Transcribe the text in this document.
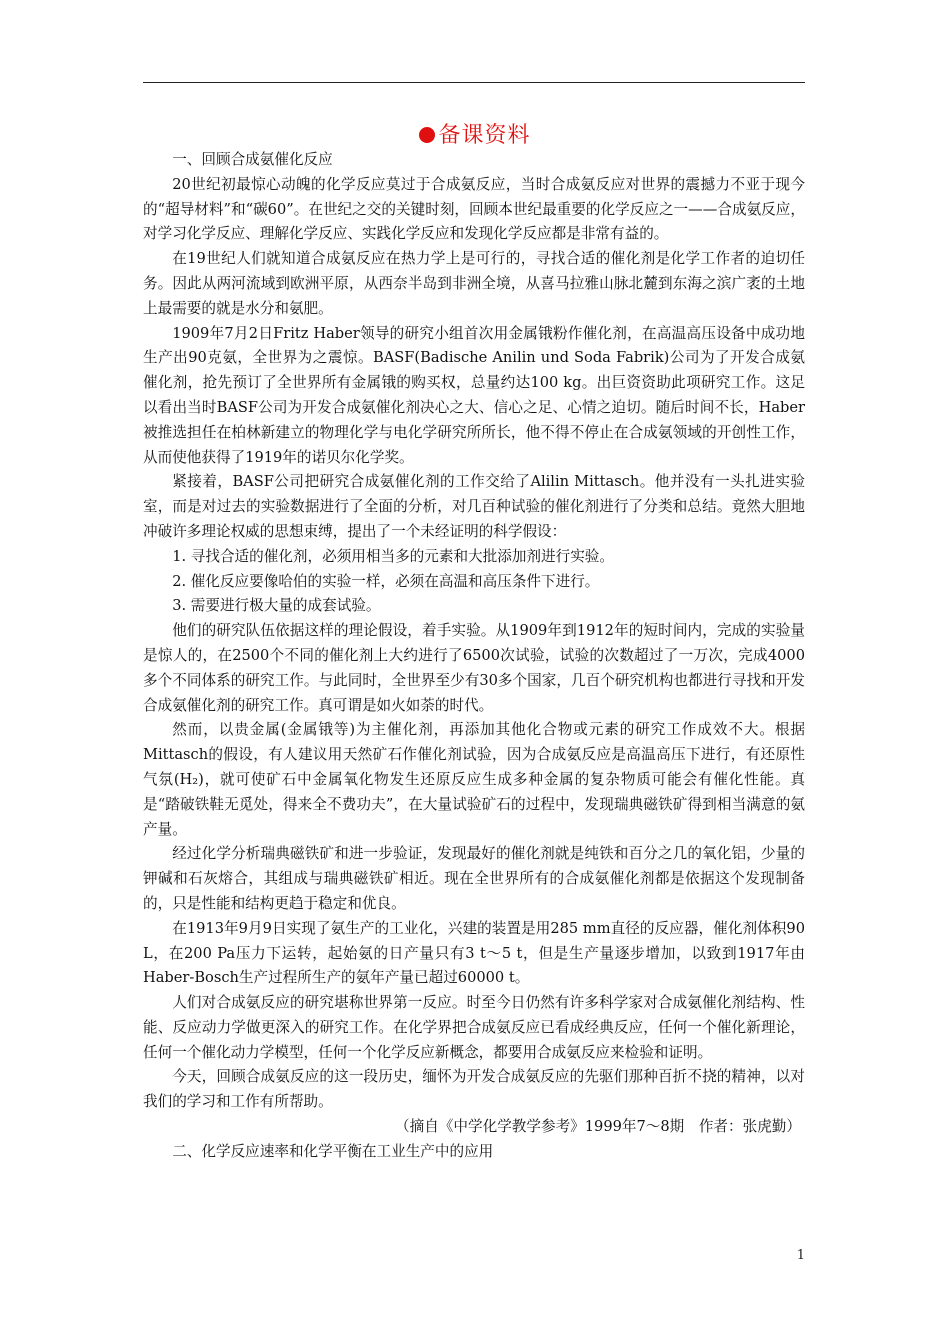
备课资料

一、回顾合成氨催化反应

20世纪初最惊心动魄的化学反应莫过于合成氨反应，当时合成氨反应对世界的震撼力不亚于现今的“超导材料”和“碳60”。在世纪之交的关键时刻，回顾本世纪最重要的化学反应之一——合成氨反应，对学习化学反应、理解化学反应、实践化学反应和发现化学反应都是非常有益的。

在19世纪人们就知道合成氨反应在热力学上是可行的，寻找合适的催化剂是化学工作者的迫切任务。因此从两河流域到欧洲平原，从西奈半岛到非洲全境，从喜马拉雅山脉北麓到东海之滨广袤的土地上最需要的就是水分和氨肥。

1909年7月2日Fritz Haber领导的研究小组首次用金属锇粉作催化剂，在高温高压设备中成功地生产出90克氨，全世界为之震惊。BASF(Badische Anilin und Soda Fabrik)公司为了开发合成氨催化剂，抢先预订了全世界所有金属锇的购买权，总量约达100 kg。出巨资资助此项研究工作。这足以看出当时BASF公司为开发合成氨催化剂决心之大、信心之足、心情之迫切。随后时间不长，Haber被推选担任在柏林新建立的物理化学与电化学研究所所长，他不得不停止在合成氨领域的开创性工作，从而使他获得了1919年的诺贝尔化学奖。

紧接着，BASF公司把研究合成氨催化剂的工作交给了Alilin Mittasch。他并没有一头扎进实验室，而是对过去的实验数据进行了全面的分析，对几百种试验的催化剂进行了分类和总结。竟然大胆地冲破许多理论权威的思想束缚，提出了一个未经证明的科学假设：

1. 寻找合适的催化剂，必须用相当多的元素和大批添加剂进行实验。

2. 催化反应要像哈伯的实验一样，必须在高温和高压条件下进行。

3. 需要进行极大量的成套试验。

他们的研究队伍依据这样的理论假设，着手实验。从1909年到1912年的短时间内，完成的实验量是惊人的，在2500个不同的催化剂上大约进行了6500次试验，试验的次数超过了一万次，完成4000多个不同体系的研究工作。与此同时，全世界至少有30多个国家，几百个研究机构也都进行寻找和开发合成氨催化剂的研究工作。真可谓是如火如荼的时代。

然而，以贵金属(金属锇等)为主催化剂，再添加其他化合物或元素的研究工作成效不大。根据Mittasch的假设，有人建议用天然矿石作催化剂试验，因为合成氨反应是高温高压下进行，有还原性气氛(H₂)，就可使矿石中金属氧化物发生还原反应生成多种金属的复杂物质可能会有催化性能。真是“踏破铁鞋无觅处，得来全不费功夫”，在大量试验矿石的过程中，发现瑞典磁铁矿得到相当满意的氨产量。

经过化学分析瑞典磁铁矿和进一步验证，发现最好的催化剂就是纯铁和百分之几的氧化铝，少量的钾碱和石灰熔合，其组成与瑞典磁铁矿相近。现在全世界所有的合成氨催化剂都是依据这个发现制备的，只是性能和结构更趋于稳定和优良。

在1913年9月9日实现了氨生产的工业化，兴建的装置是用285 mm直径的反应器，催化剂体积90 L，在200 Pa压力下运转，起始氨的日产量只有3 t～5 t，但是生产量逐步增加，以致到1917年由Haber-Bosch生产过程所生产的氨年产量已超过60000 t。

人们对合成氨反应的研究堪称世界第一反应。时至今日仍然有许多科学家对合成氨催化剂结构、性能、反应动力学做更深入的研究工作。在化学界把合成氨反应已看成经典反应，任何一个催化新理论，任何一个催化动力学模型，任何一个化学反应新概念，都要用合成氨反应来检验和证明。

今天，回顾合成氨反应的这一段历史，缅怀为开发合成氨反应的先驱们那种百折不挠的精神，以对我们的学习和工作有所帮助。

（摘自《中学化学教学参考》1999年7～8期　作者：张虎勤）

二、化学反应速率和化学平衡在工业生产中的应用

1
